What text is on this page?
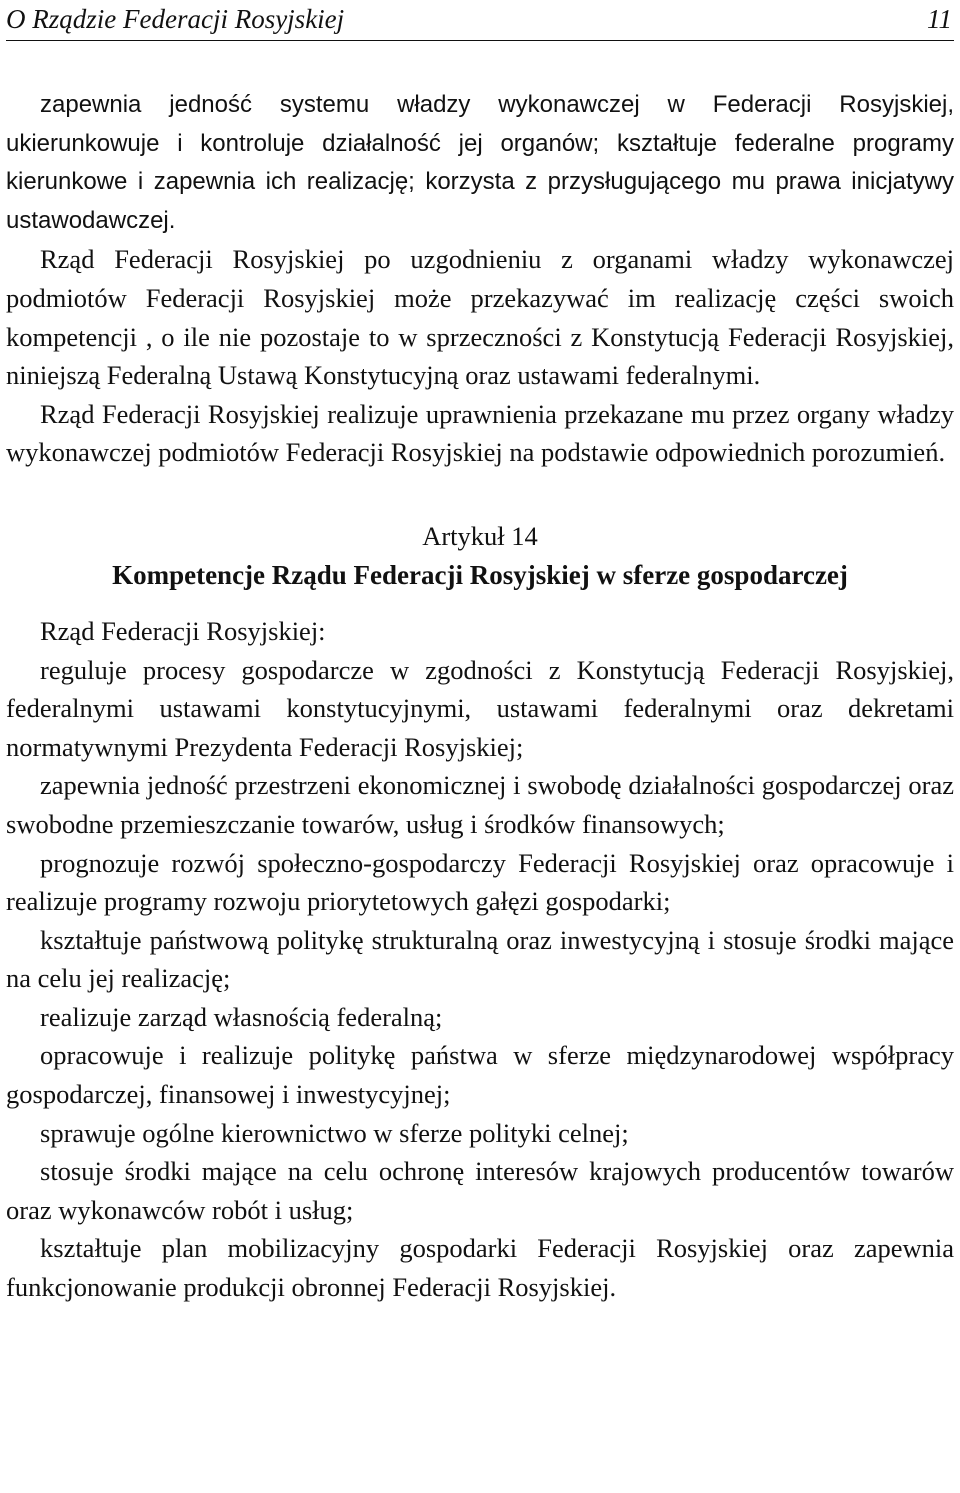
O Rządzie Federacji Rosyjskiej	11

zapewnia jedność systemu władzy wykonawczej w Federacji Rosyjskiej, ukierunkowuje i kontroluje działalność jej organów; kształtuje federalne programy kierunkowe i zapewnia ich realizację; korzysta z przysługującego mu prawa inicjatywy ustawodawczej.

Rząd Federacji Rosyjskiej po uzgodnieniu z organami władzy wykonawczej podmiotów Federacji Rosyjskiej może przekazywać im realizację części swoich kompetencji , o ile nie pozostaje to w sprzeczności z Konstytucją Federacji Rosyjskiej, niniejszą Federalną Ustawą Konstytucyjną oraz ustawami federalnymi.

Rząd Federacji Rosyjskiej realizuje uprawnienia przekazane mu przez organy władzy wykonawczej podmiotów Federacji Rosyjskiej na podstawie odpowiednich porozumień.

Artykuł 14
Kompetencje Rządu Federacji Rosyjskiej w sferze gospodarczej

Rząd Federacji Rosyjskiej:

reguluje procesy gospodarcze w zgodności z Konstytucją Federacji Rosyjskiej, federalnymi ustawami konstytucyjnymi, ustawami federalnymi oraz dekretami normatywnymi Prezydenta Federacji Rosyjskiej;

zapewnia jedność przestrzeni ekonomicznej i swobodę działalności gospodarczej oraz swobodne przemieszczanie towarów, usług i środków finansowych;

prognozuje rozwój społeczno-gospodarczy Federacji Rosyjskiej oraz opracowuje i realizuje programy rozwoju priorytetowych gałęzi gospodarki;

kształtuje państwową politykę strukturalną oraz inwestycyjną i stosuje środki mające na celu jej realizację;

realizuje zarząd własnością federalną;

opracowuje i realizuje politykę państwa w sferze międzynarodowej współpracy gospodarczej, finansowej i inwestycyjnej;

sprawuje ogólne kierownictwo w sferze polityki celnej;

stosuje środki mające na celu ochronę interesów krajowych producentów towarów oraz wykonawców robót i usług;

kształtuje plan mobilizacyjny gospodarki Federacji Rosyjskiej oraz zapewnia funkcjonowanie produkcji obronnej Federacji Rosyjskiej.
